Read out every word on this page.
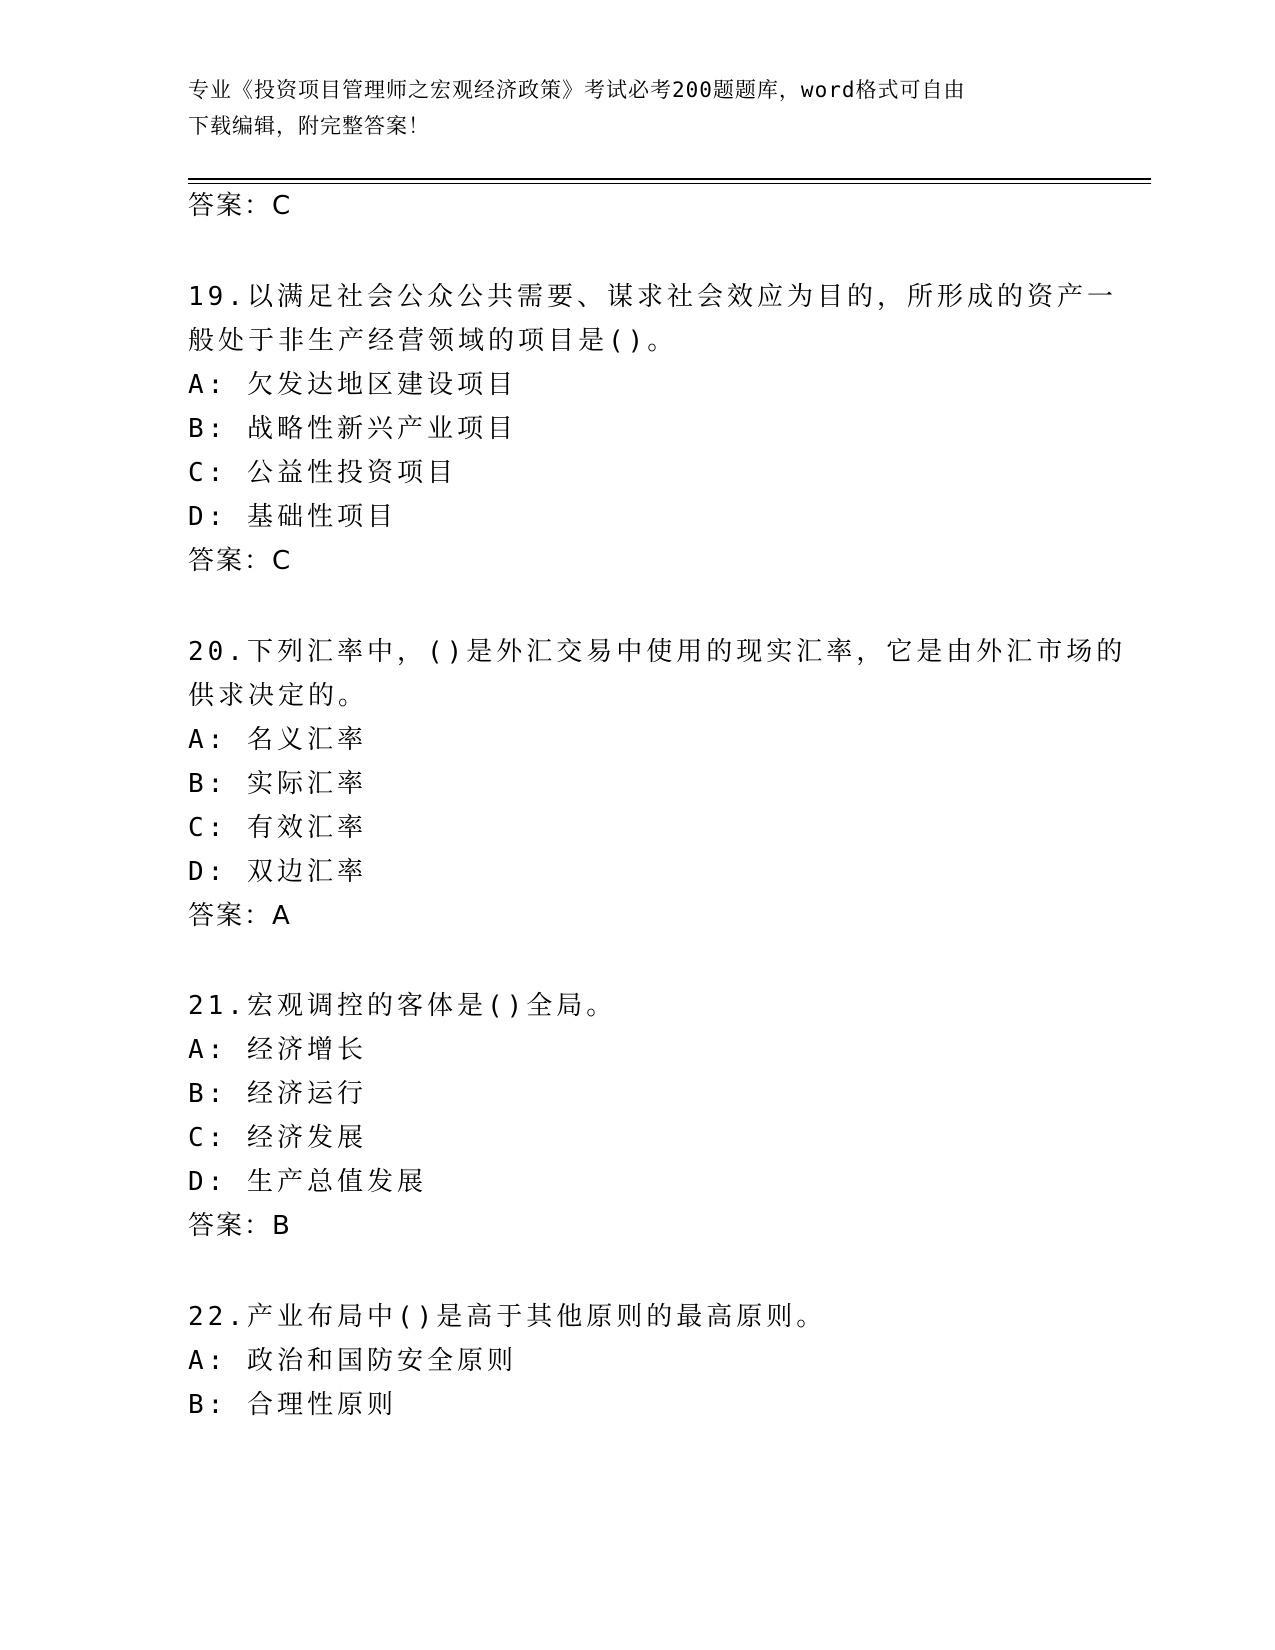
专业《投资项目管理师之宏观经济政策》考试必考200题题库，word格式可自由
下载编辑，附完整答案！
答案：C
19.以满足社会公众公共需要、谋求社会效应为目的，所形成的资产一
般处于非生产经营领域的项目是()。
A: 欠发达地区建设项目
B: 战略性新兴产业项目
C: 公益性投资项目
D: 基础性项目
答案：C
20.下列汇率中，()是外汇交易中使用的现实汇率，它是由外汇市场的
供求决定的。
A: 名义汇率
B: 实际汇率
C: 有效汇率
D: 双边汇率
答案：A
21.宏观调控的客体是()全局。
A: 经济增长
B: 经济运行
C: 经济发展
D: 生产总值发展
答案：B
22.产业布局中()是高于其他原则的最高原则。
A: 政治和国防安全原则
B: 合理性原则
